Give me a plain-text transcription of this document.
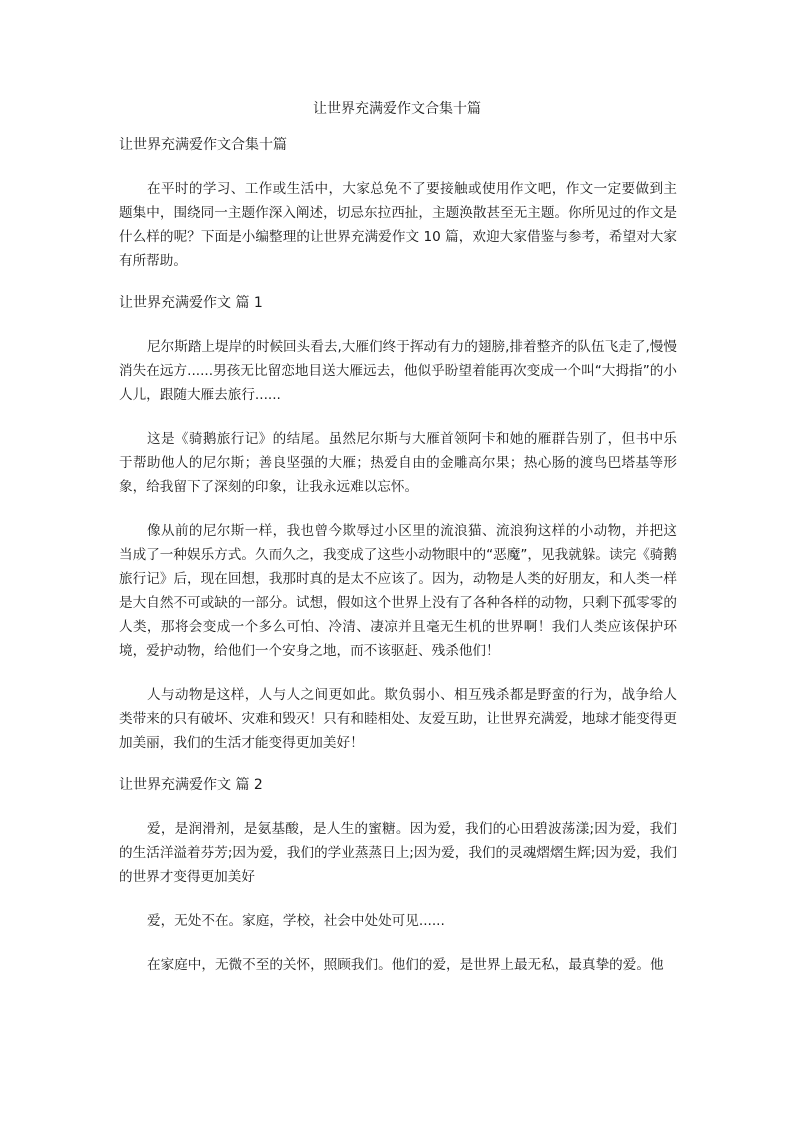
让世界充满爱作文合集十篇
让世界充满爱作文合集十篇

在平时的学习、工作或生活中，大家总免不了要接触或使用作文吧，作文一定要做到主题集中，围绕同一主题作深入阐述，切忌东拉西扯，主题涣散甚至无主题。你所见过的作文是什么样的呢？下面是小编整理的让世界充满爱作文 10 篇，欢迎大家借鉴与参考，希望对大家有所帮助。

让世界充满爱作文 篇 1

尼尔斯踏上堤岸的时候回头看去,大雁们终于挥动有力的翅膀,排着整齐的队伍飞走了,慢慢消失在远方......男孩无比留恋地目送大雁远去，他似乎盼望着能再次变成一个叫“大拇指”的小人儿，跟随大雁去旅行......

这是《骑鹅旅行记》的结尾。虽然尼尔斯与大雁首领阿卡和她的雁群告别了，但书中乐于帮助他人的尼尔斯；善良坚强的大雁；热爱自由的金雕高尔果；热心肠的渡鸟巴塔基等形象，给我留下了深刻的印象，让我永远难以忘怀。

像从前的尼尔斯一样，我也曾今欺辱过小区里的流浪猫、流浪狗这样的小动物，并把这当成了一种娱乐方式。久而久之，我变成了这些小动物眼中的“恶魔”，见我就躲。读完《骑鹅旅行记》后，现在回想，我那时真的是太不应该了。因为，动物是人类的好朋友，和人类一样是大自然不可或缺的一部分。试想，假如这个世界上没有了各种各样的动物，只剩下孤零零的人类，那将会变成一个多么可怕、冷清、凄凉并且毫无生机的世界啊！我们人类应该保护环境，爱护动物，给他们一个安身之地，而不该驱赶、残杀他们！

人与动物是这样，人与人之间更如此。欺负弱小、相互残杀都是野蛮的行为，战争给人类带来的只有破坏、灾难和毁灭！只有和睦相处、友爱互助，让世界充满爱，地球才能变得更加美丽，我们的生活才能变得更加美好！

让世界充满爱作文 篇 2

爱，是润滑剂，是氨基酸，是人生的蜜糖。因为爱，我们的心田碧波荡漾;因为爱，我们的生活洋溢着芬芳;因为爱，我们的学业蒸蒸日上;因为爱，我们的灵魂熠熠生辉;因为爱，我们的世界才变得更加美好

爱，无处不在。家庭，学校，社会中处处可见......

在家庭中，无微不至的关怀，照顾我们。他们的爱，是世界上最无私，最真挚的爱。他
